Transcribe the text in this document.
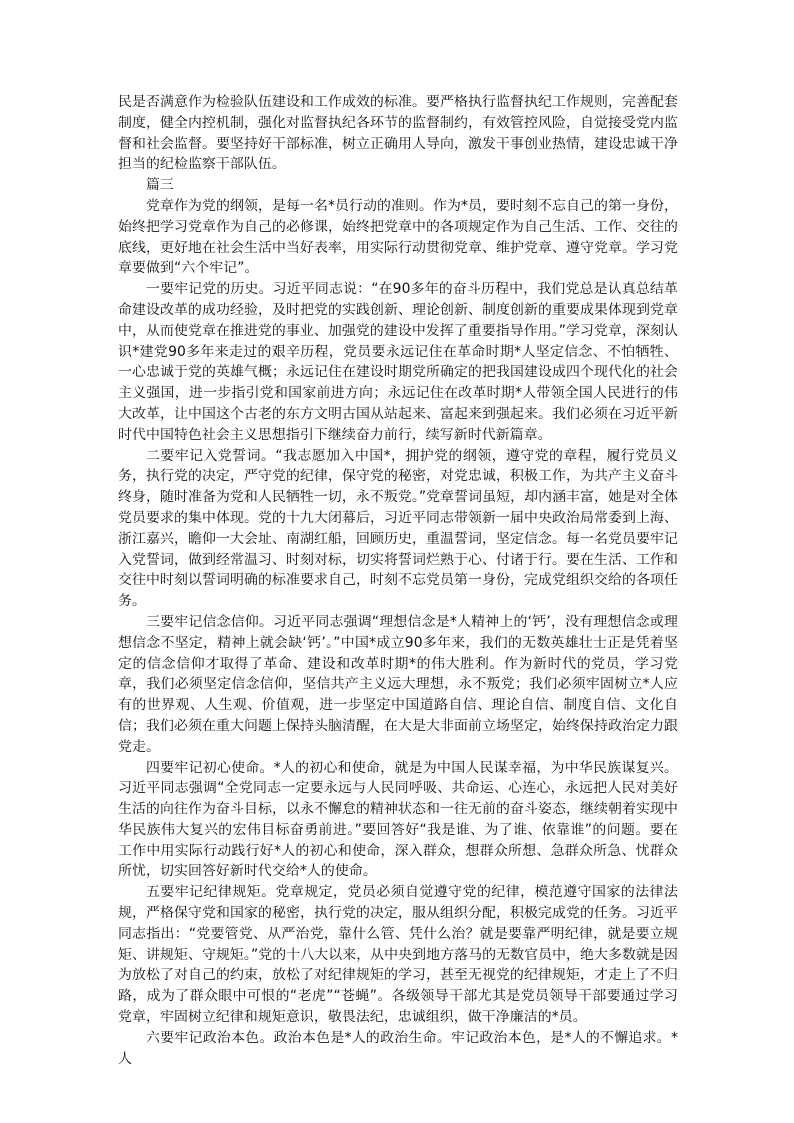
民是否满意作为检验队伍建设和工作成效的标准。要严格执行监督执纪工作规则，完善配套制度，健全内控机制，强化对监督执纪各环节的监督制约，有效管控风险，自觉接受党内监督和社会监督。要坚持好干部标准，树立正确用人导向，激发干事创业热情，建设忠诚干净担当的纪检监察干部队伍。

篇三

党章作为党的纲领，是每一名*员行动的准则。作为*员，要时刻不忘自己的第一身份，始终把学习党章作为自己的必修课，始终把党章中的各项规定作为自己生活、工作、交往的底线，更好地在社会生活中当好表率，用实际行动贯彻党章、维护党章、遵守党章。学习党章要做到“六个牢记”。

一要牢记党的历史。习近平同志说：“在90多年的奋斗历程中，我们党总是认真总结革命建设改革的成功经验，及时把党的实践创新、理论创新、制度创新的重要成果体现到党章中，从而使党章在推进党的事业、加强党的建设中发挥了重要指导作用。”学习党章，深刻认识*建党90多年来走过的艰辛历程，党员要永远记住在革命时期*人坚定信念、不怕牺牲、一心忠诚于党的英雄气概；永远记住在建设时期党所确定的把我国建设成四个现代化的社会主义强国，进一步指引党和国家前进方向；永远记住在改革时期*人带领全国人民进行的伟大改革，让中国这个古老的东方文明古国从站起来、富起来到强起来。我们必须在习近平新时代中国特色社会主义思想指引下继续奋力前行，续写新时代新篇章。

二要牢记入党誓词。“我志愿加入中国*，拥护党的纲领，遵守党的章程，履行党员义务，执行党的决定，严守党的纪律，保守党的秘密，对党忠诚，积极工作，为共产主义奋斗终身，随时准备为党和人民牺牲一切，永不叛党。”党章誓词虽短，却内涵丰富，她是对全体党员要求的集中体现。党的十九大闭幕后，习近平同志带领新一届中央政治局常委到上海、浙江嘉兴，瞻仰一大会址、南湖红船，回顾历史，重温誓词，坚定信念。每一名党员要牢记入党誓词，做到经常温习、时刻对标，切实将誓词烂熟于心、付诸于行。要在生活、工作和交往中时刻以誓词明确的标准要求自己，时刻不忘党员第一身份，完成党组织交给的各项任务。

三要牢记信念信仰。习近平同志强调“理想信念是*人精神上的‘钙’，没有理想信念或理想信念不坚定，精神上就会缺‘钙’。”中国*成立90多年来，我们的无数英雄壮士正是凭着坚定的信念信仰才取得了革命、建设和改革时期*的伟大胜利。作为新时代的党员，学习党章，我们必须坚定信念信仰，坚信共产主义远大理想，永不叛党；我们必须牢固树立*人应有的世界观、人生观、价值观，进一步坚定中国道路自信、理论自信、制度自信、文化自信；我们必须在重大问题上保持头脑清醒，在大是大非面前立场坚定，始终保持政治定力跟党走。

四要牢记初心使命。*人的初心和使命，就是为中国人民谋幸福，为中华民族谋复兴。习近平同志强调“全党同志一定要永远与人民同呼吸、共命运、心连心，永远把人民对美好生活的向往作为奋斗目标，以永不懈怠的精神状态和一往无前的奋斗姿态，继续朝着实现中华民族伟大复兴的宏伟目标奋勇前进。”要回答好“我是谁、为了谁、依靠谁”的问题。要在工作中用实际行动践行好*人的初心和使命，深入群众，想群众所想、急群众所急、忧群众所忧，切实回答好新时代交给*人的使命。

五要牢记纪律规矩。党章规定，党员必须自觉遵守党的纪律，模范遵守国家的法律法规，严格保守党和国家的秘密，执行党的决定，服从组织分配，积极完成党的任务。习近平同志指出：“党要管党、从严治党，靠什么管、凭什么治？就是要靠严明纪律，就是要立规矩、讲规矩、守规矩。”党的十八大以来，从中央到地方落马的无数官员中，绝大多数就是因为放松了对自己的约束，放松了对纪律规矩的学习，甚至无视党的纪律规矩，才走上了不归路，成为了群众眼中可恨的“老虎”“苍蝇”。各级领导干部尤其是党员领导干部要通过学习党章，牢固树立纪律和规矩意识，敬畏法纪，忠诚组织，做干净廉洁的*员。

六要牢记政治本色。政治本色是*人的政治生命。牢记政治本色，是*人的不懈追求。*人
